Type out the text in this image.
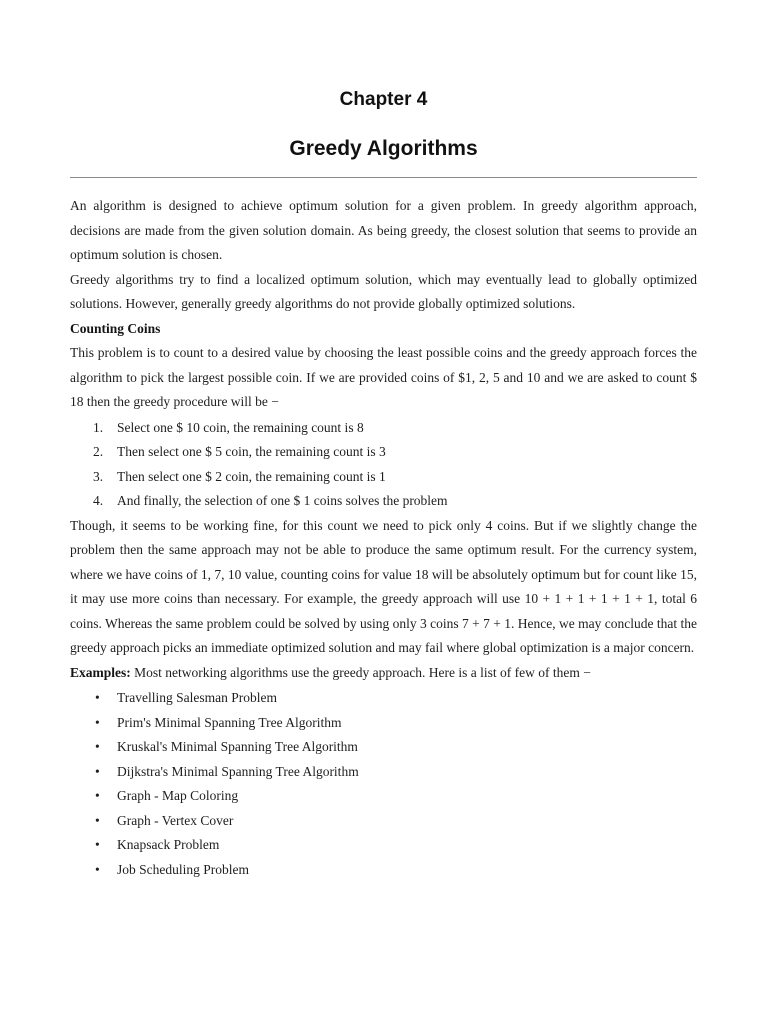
Chapter 4
Greedy Algorithms

An algorithm is designed to achieve optimum solution for a given problem. In greedy algorithm approach, decisions are made from the given solution domain. As being greedy, the closest solution that seems to provide an optimum solution is chosen.

Greedy algorithms try to find a localized optimum solution, which may eventually lead to globally optimized solutions. However, generally greedy algorithms do not provide globally optimized solutions.

Counting Coins

This problem is to count to a desired value by choosing the least possible coins and the greedy approach forces the algorithm to pick the largest possible coin. If we are provided coins of $1, 2, 5 and 10 and we are asked to count $ 18 then the greedy procedure will be −

1.	Select one $ 10 coin, the remaining count is 8
2.	Then select one $ 5 coin, the remaining count is 3
3.	Then select one $ 2 coin, the remaining count is 1
4.	And finally, the selection of one $ 1 coins solves the problem

Though, it seems to be working fine, for this count we need to pick only 4 coins. But if we slightly change the problem then the same approach may not be able to produce the same optimum result. For the currency system, where we have coins of 1, 7, 10 value, counting coins for value 18 will be absolutely optimum but for count like 15, it may use more coins than necessary. For example, the greedy approach will use 10 + 1 + 1 + 1 + 1 + 1, total 6 coins. Whereas the same problem could be solved by using only 3 coins 7 + 7 + 1. Hence, we may conclude that the greedy approach picks an immediate optimized solution and may fail where global optimization is a major concern.

Examples: Most networking algorithms use the greedy approach. Here is a list of few of them −

•	Travelling Salesman Problem
•	Prim's Minimal Spanning Tree Algorithm
•	Kruskal's Minimal Spanning Tree Algorithm
•	Dijkstra's Minimal Spanning Tree Algorithm
•	Graph - Map Coloring
•	Graph - Vertex Cover
•	Knapsack Problem
•	Job Scheduling Problem
